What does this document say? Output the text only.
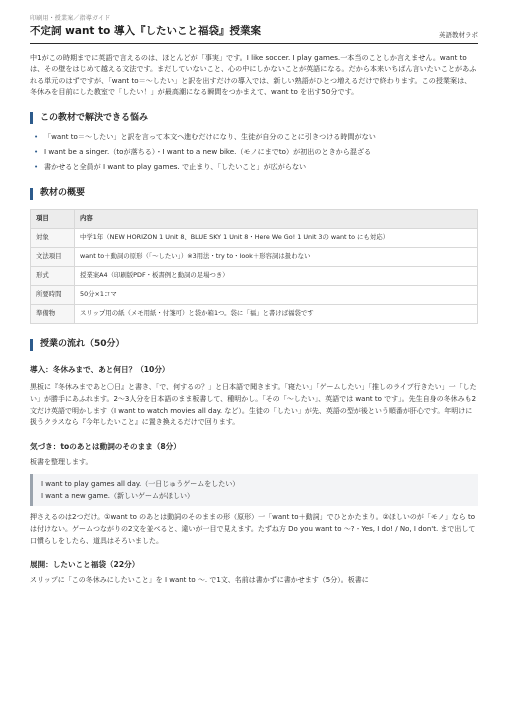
印刷用・授業案／指導ガイド
不定詞 want to 導入『したいこと福袋』授業案	英語教材ラボ

中1がこの時期までに英語で言えるのは、ほとんどが「事実」です。I like soccer. I play games.一本当のことしか言えません。want to は、その壁をはじめて越える文法です。まだしていないこと、心の中にしかないことが英語になる。だから本来いちばん言いたいことがあふれる単元のはずですが、「want to＝〜したい」と訳を出すだけの導入では、新しい熟語がひとつ増えるだけで終わります。この授業案は、冬休みを目前にした教室で「したい！」が最高潮になる瞬間をつかまえて、want to を出す50分です。

この教材で解決できる悩み
• 「want to＝〜したい」と訳を言って本文へ進むだけになり、生徒が自分のことに引きつける時間がない
• I want be a singer.（toが落ちる）・I want to a new bike.（モノにまでto）が初出のときから混ざる
• 書かせると全員が I want to play games. で止まり、「したいこと」が広がらない
教材の概要
項目	内容
対象	中学1年（NEW HORIZON 1 Unit 8、BLUE SKY 1 Unit 8・Here We Go! 1 Unit 3の want to にも対応）
文法項目	want to＋動詞の原形（「〜したい」）※3用法・try to・look＋形容詞は扱わない
形式	授業案A4（印刷版PDF・板書例と動詞の足場つき）
所要時間	50分×1コマ
準備物	スリップ用の紙（メモ用紙・付箋可）と袋か箱1つ。袋に「福」と書けば福袋です
授業の流れ（50分）
導入：冬休みまで、あと何日？（10分）

黒板に『冬休みまであと〇日』と書き、「で、何するの？」と日本語で聞きます。「寝たい」「ゲームしたい」「推しのライブ行きたい」一「したい」が勝手にあふれます。2〜3人分を日本語のまま板書して、種明かし。「その「〜したい」、英語では want to です」。先生自身の冬休みも2文だけ英語で明かします（I want to watch movies all day. など）。生徒の「したい」が先、英語の型が後という順番が肝心です。年明けに扱うクラスなら『今年したいこと』に置き換えるだけで回ります。

気づき：toのあとは動詞のそのまま（8分）

板書を整理します。

I want to play games all day.（一日じゅうゲームをしたい）
I want a new game.（新しいゲームがほしい）

押さえるのは2つだけ。①want to のあとは動詞のそのままの形（原形）一「want to＋動詞」でひとかたまり。②ほしいのが「モノ」なら to は付けない。ゲームつながりの2文を並べると、違いが一目で見えます。たずね方 Do you want to 〜? - Yes, I do! / No, I don't. まで出して口慣らしをしたら、道具はそろいました。

展開：したいこと福袋（22分）

スリップに「この冬休みにしたいこと」を I want to 〜. で1文、名前は書かずに書かせます（5分）。板書に
